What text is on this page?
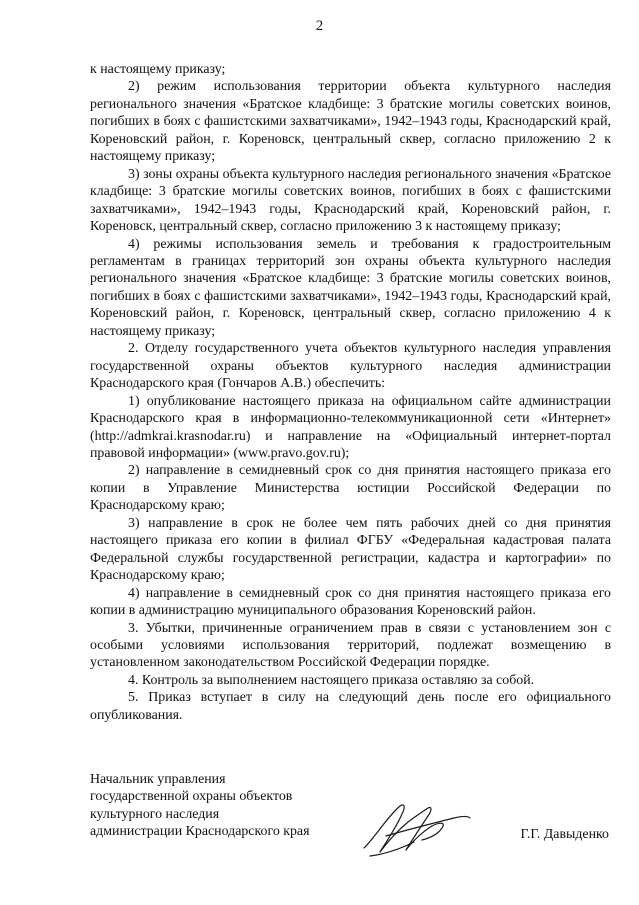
2

к настоящему приказу;

2) режим использования территории объекта культурного наследия регионального значения «Братское кладбище: 3 братские могилы советских воинов, погибших в боях с фашистскими захватчиками», 1942–1943 годы, Краснодарский край, Кореновский район, г. Кореновск, центральный сквер, согласно приложению 2 к настоящему приказу;

3) зоны охраны объекта культурного наследия регионального значения «Братское кладбище: 3 братские могилы советских воинов, погибших в боях с фашистскими захватчиками», 1942–1943 годы, Краснодарский край, Кореновский район, г. Кореновск, центральный сквер, согласно приложению 3 к настоящему приказу;

4) режимы использования земель и требования к градостроительным регламентам в границах территорий зон охраны объекта культурного наследия регионального значения «Братское кладбище: 3 братские могилы советских воинов, погибших в боях с фашистскими захватчиками», 1942–1943 годы, Краснодарский край, Кореновский район, г. Кореновск, центральный сквер, согласно приложению 4 к настоящему приказу;

2. Отделу государственного учета объектов культурного наследия управления государственной охраны объектов культурного наследия администрации Краснодарского края (Гончаров А.В.) обеспечить:

1) опубликование настоящего приказа на официальном сайте администрации Краснодарского края в информационно-телекоммуникационной сети «Интернет» (http://admkrai.krasnodar.ru) и направление на «Официальный интернет-портал правовой информации» (www.pravo.gov.ru);

2) направление в семидневный срок со дня принятия настоящего приказа его копии в Управление Министерства юстиции Российской Федерации по Краснодарскому краю;

3) направление в срок не более чем пять рабочих дней со дня принятия настоящего приказа его копии в филиал ФГБУ «Федеральная кадастровая палата Федеральной службы государственной регистрации, кадастра и картографии» по Краснодарскому краю;

4) направление в семидневный срок со дня принятия настоящего приказа его копии в администрацию муниципального образования Кореновский район.

3. Убытки, причиненные ограничением прав в связи с установлением зон с особыми условиями использования территорий, подлежат возмещению в установленном законодательством Российской Федерации порядке.

4. Контроль за выполнением настоящего приказа оставляю за собой.

5. Приказ вступает в силу на следующий день после его официального опубликования.

Начальник управления
государственной охраны объектов
культурного наследия
администрации Краснодарского края	Г.Г. Давыденко
